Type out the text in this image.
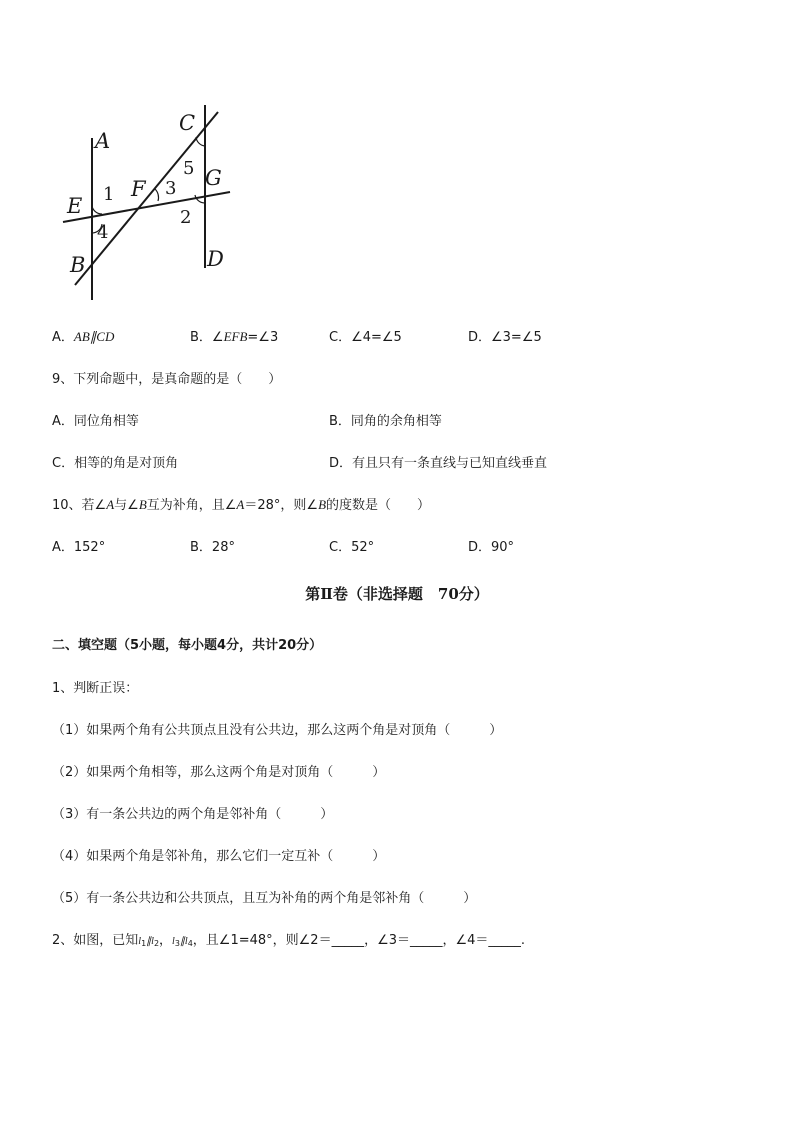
A
E
F
C
G
B	D
1
4
3
5
2
A．AB∥CD	B．∠EFB=∠3	C．∠4=∠5	D．∠3=∠5
9、下列命题中，是真命题的是（　　）
A．同位角相等	B．同角的余角相等
C．相等的角是对顶角	D．有且只有一条直线与已知直线垂直
10、若∠A与∠B互为补角，且∠A＝28°，则∠B的度数是（　　）
A．152°	B．28°	C．52°	D．90°
第Ⅱ卷（非选择题　70分）
二、填空题（5小题，每小题4分，共计20分）
1、判断正误：
（1）如果两个角有公共顶点且没有公共边，那么这两个角是对顶角（　　　）
（2）如果两个角相等，那么这两个角是对顶角（　　　）
（3）有一条公共边的两个角是邻补角（　　　）
（4）如果两个角是邻补角，那么它们一定互补（　　　）
（5）有一条公共边和公共顶点，且互为补角的两个角是邻补角（　　　）
2、如图，已知$l_1\parallel l_2$，$l_3\parallel l_4$，且∠1=48°，则∠2＝_____，∠3＝_____，∠4＝_____.
